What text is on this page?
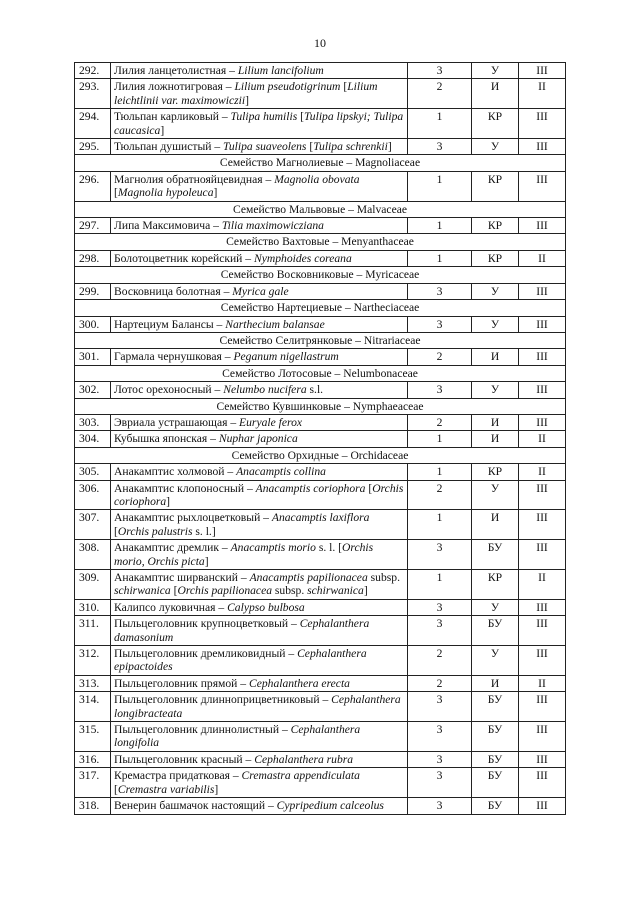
10
292.	Лилия ланцетолистная – Lilium lancifolium	3	У	III
293.	Лилия ложнотигровая – Lilium pseudotigrinum [Lilium leichtlinii var. maximowiczii]	2	И	II
294.	Тюльпан карликовый – Tulipa humilis [Tulipa lipskyi; Tulipa caucasica]	1	КР	III
295.	Тюльпан душистый – Tulipa suaveolens [Tulipa schrenkii]	3	У	III
Семейство Магнолиевые – Magnoliaceae				
296.	Магнолия обратнояйцевидная – Magnolia obovata [Magnolia hypoleuca]	1	КР	III
Семейство Мальвовые – Malvaceae				
297.	Липа Максимовича – Tilia maximowicziana	1	КР	III
Семейство Вахтовые – Menyanthaceae				
298.	Болотоцветник корейский – Nymphoides coreana	1	КР	II
Семейство Восковниковые – Myricaceae				
299.	Восковница болотная – Myrica gale	3	У	III
Семейство Нартециевые – Nartheciaceae				
300.	Нартециум Балансы – Narthecium balansae	3	У	III
Семейство Селитрянковые – Nitrariaceae				
301.	Гармала чернушковая – Peganum nigellastrum	2	И	III
Семейство Лотосовые – Nelumbonaceae				
302.	Лотос орехоносный – Nelumbo nucifera s.l.	3	У	III
Семейство Кувшинковые – Nymphaeaceae				
303.	Эвриала устрашающая – Euryale ferox	2	И	III
304.	Кубышка японская – Nuphar japonica	1	И	II
Семейство Орхидные – Orchidaceae				
305.	Анакамптис холмовой – Anacamptis collina	1	КР	II
306.	Анакамптис клопоносный – Anacamptis coriophora [Orchis coriophora]	2	У	III
307.	Анакамптис рыхлоцветковый – Anacamptis laxiflora [Orchis palustris s. l.]	1	И	III
308.	Анакамптис дремлик – Anacamptis morio s. l. [Orchis morio, Orchis picta]	3	БУ	III
309.	Анакамптис ширванский – Anacamptis papilionacea subsp. schirwanica [Orchis papilionacea subsp. schirwanica]	1	КР	II
310.	Калипсо луковичная – Calypso bulbosa	3	У	III
311.	Пыльцеголовник крупноцветковый – Cephalanthera damasonium	3	БУ	III
312.	Пыльцеголовник дремликовидный – Cephalanthera epipactoides	2	У	III
313.	Пыльцеголовник прямой – Cephalanthera erecta	2	И	II
314.	Пыльцеголовник длинноприцветниковый – Cephalanthera longibracteata	3	БУ	III
315.	Пыльцеголовник длиннолистный – Cephalanthera longifolia	3	БУ	III
316.	Пыльцеголовник красный – Cephalanthera rubra	3	БУ	III
317.	Кремастра придатковая – Cremastra appendiculata [Cremastra variabilis]	3	БУ	III
318.	Венерин башмачок настоящий – Cypripedium calceolus	3	БУ	III
